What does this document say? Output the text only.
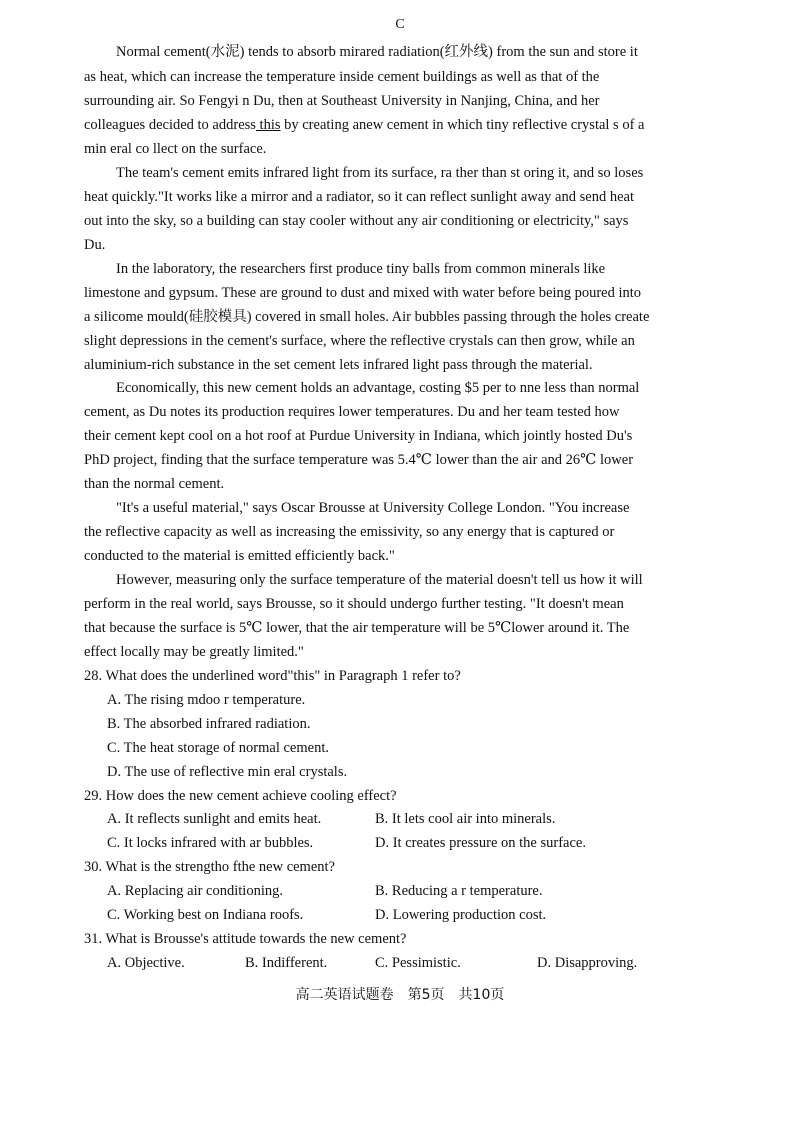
C
Normal cement(水泥) tends to absorb mirared radiation(红外线) from the sun and store it
as heat, which can increase the temperature inside cement buildings as well as that of the
surrounding air. So Fengyi n Du, then at Southeast University in Nanjing, China, and her
colleagues decided to address this by creating anew cement in which tiny reflective crystal s of a
min eral co llect on the surface.
The team's cement emits infrared light from its surface, ra ther than st oring it, and so loses
heat quickly."It works like a mirror and a radiator, so it can reflect sunlight away and send heat
out into the sky, so a building can stay cooler without any air conditioning or electricity," says
Du.
In the laboratory, the researchers first produce tiny balls from common minerals like
limestone and gypsum. These are ground to dust and mixed with water before being poured into
a silicome mould(硅胶模具) covered in small holes. Air bubbles passing through the holes create
slight depressions in the cement's surface, where the reflective crystals can then grow, while an
aluminium-rich substance in the set cement lets infrared light pass through the material.
Economically, this new cement holds an advantage, costing $5 per to nne less than normal
cement, as Du notes its production requires lower temperatures. Du and her team tested how
their cement kept cool on a hot roof at Purdue University in Indiana, which jointly hosted Du's
PhD project, finding that the surface temperature was 5.4℃ lower than the air and 26℃ lower
than the normal cement.
"It's a useful material," says Oscar Brousse at University College London. "You increase
the reflective capacity as well as increasing the emissivity, so any energy that is captured or
conducted to the material is emitted efficiently back."
However, measuring only the surface temperature of the material doesn't tell us how it will
perform in the real world, says Brousse, so it should undergo further testing. "It doesn't mean
that because the surface is 5℃ lower, that the air temperature will be 5℃lower around it. The
effect locally may be greatly limited."
28. What does the underlined word"this" in Paragraph 1 refer to?
A. The rising mdoo r temperature.
B. The absorbed infrared radiation.
C. The heat storage of normal cement.
D. The use of reflective min eral crystals.
29. How does the new cement achieve cooling effect?
A. It reflects sunlight and emits heat.	B. It lets cool air into minerals.
C. It locks infrared with ar bubbles.	D. It creates pressure on the surface.
30. What is the strengtho fthe new cement?
A. Replacing air conditioning.	B. Reducing a r temperature.
C. Working best on Indiana roofs.	D. Lowering production cost.
31. What is Brousse's attitude towards the new cement?
A. Objective.	B. Indifferent.	C. Pessimistic.	D. Disapproving.
高二英语试题卷　第5页　共10页
